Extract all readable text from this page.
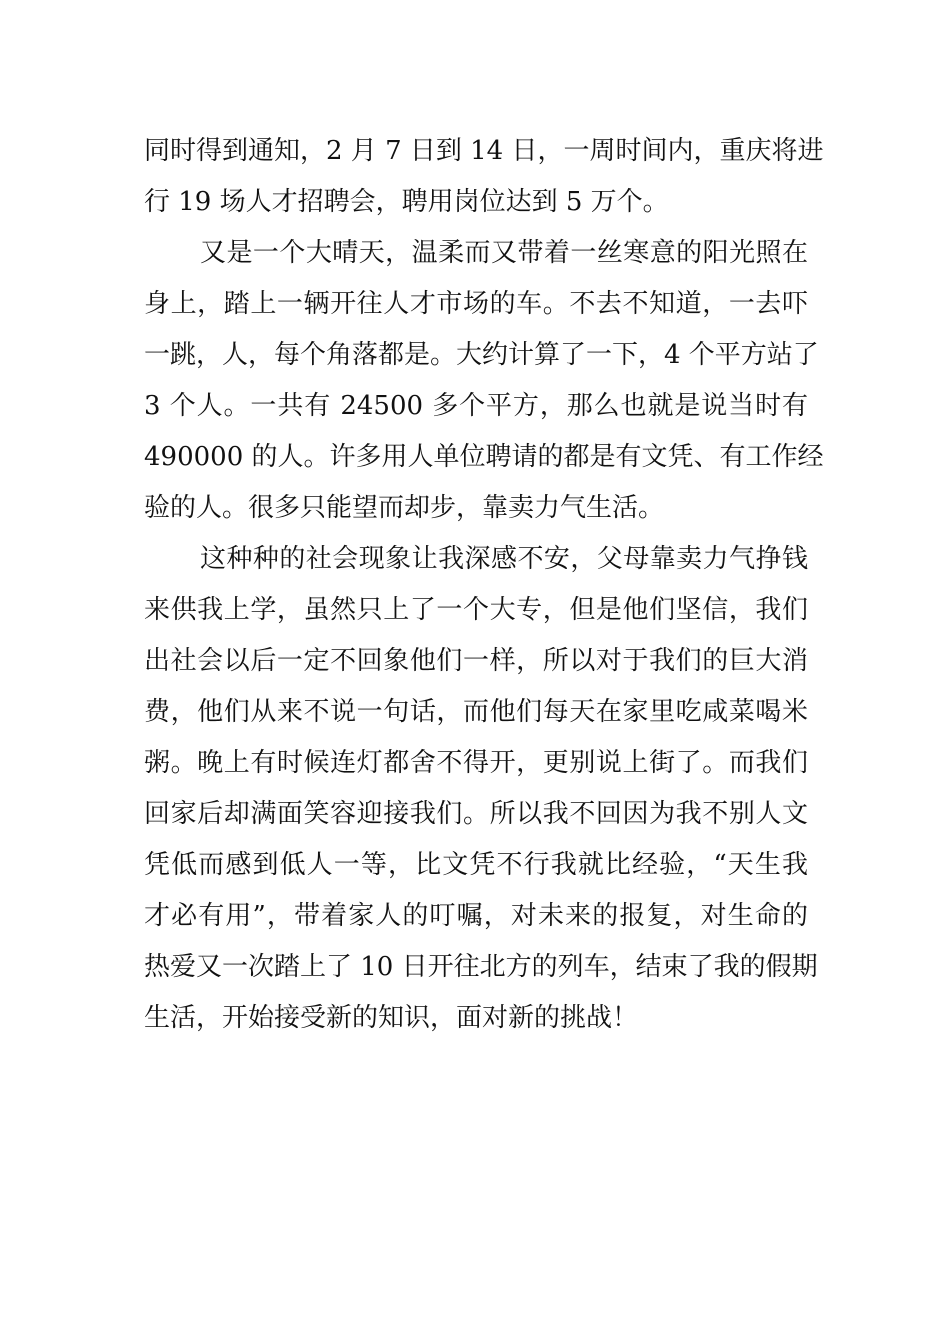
同时得到通知，2 月 7 日到 14 日，一周时间内，重庆将进
行 19 场人才招聘会，聘用岗位达到 5 万个。
又是一个大晴天，温柔而又带着一丝寒意的阳光照在
身上，踏上一辆开往人才市场的车。不去不知道，一去吓
一跳，人，每个角落都是。大约计算了一下，4 个平方站了
3 个人。一共有 24500 多个平方，那么也就是说当时有
490000 的人。许多用人单位聘请的都是有文凭、有工作经
验的人。很多只能望而却步，靠卖力气生活。
这种种的社会现象让我深感不安，父母靠卖力气挣钱
来供我上学，虽然只上了一个大专，但是他们坚信，我们
出社会以后一定不回象他们一样，所以对于我们的巨大消
费，他们从来不说一句话，而他们每天在家里吃咸菜喝米
粥。晚上有时候连灯都舍不得开，更别说上街了。而我们
回家后却满面笑容迎接我们。所以我不回因为我不别人文
凭低而感到低人一等，比文凭不行我就比经验，“天生我
才必有用”，带着家人的叮嘱，对未来的报复，对生命的
热爱又一次踏上了 10 日开往北方的列车，结束了我的假期
生活，开始接受新的知识，面对新的挑战！
